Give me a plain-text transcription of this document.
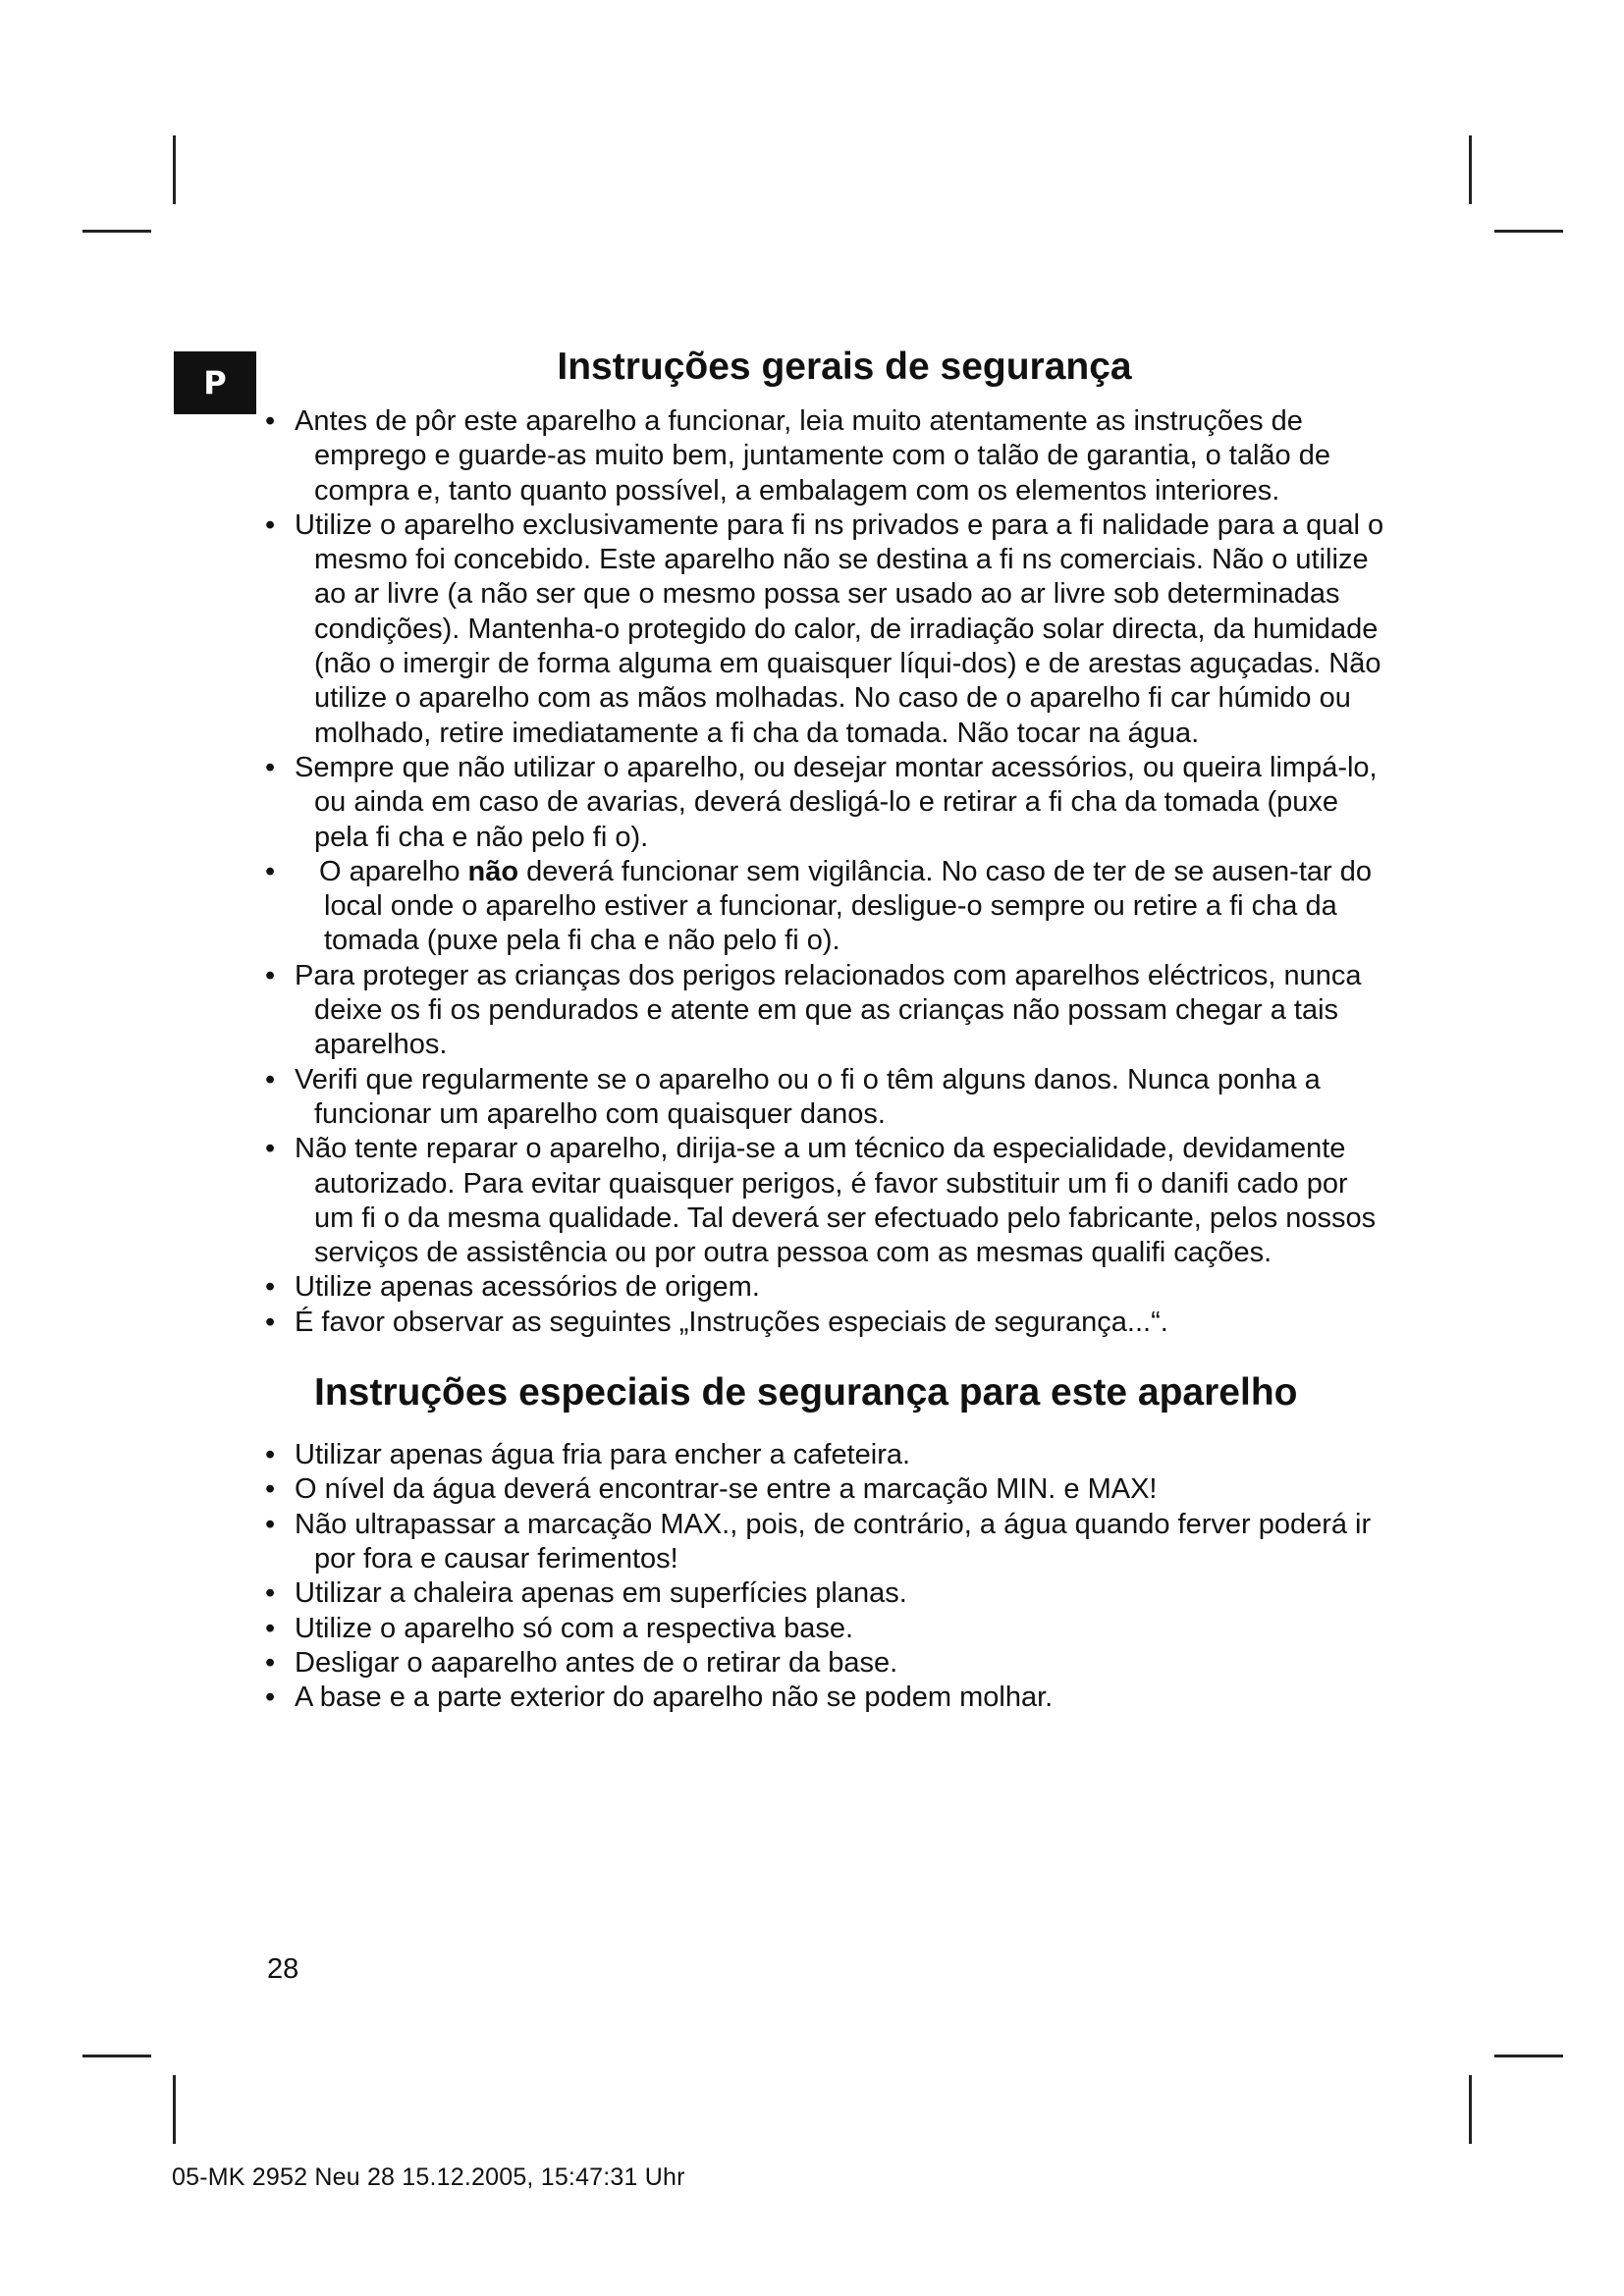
P	Instruções gerais de segurança
• Antes de pôr este aparelho a funcionar, leia muito atentamente as instruções de emprego e guarde-as muito bem, juntamente com o talão de garantia, o talão de compra e, tanto quanto possível, a embalagem com os elementos interiores.
• Utilize o aparelho exclusivamente para fi ns privados e para a fi nalidade para a qual o mesmo foi concebido. Este aparelho não se destina a fi ns comerciais. Não o utilize ao ar livre (a não ser que o mesmo possa ser usado ao ar livre sob determinadas condições). Mantenha-o protegido do calor, de irradiação solar directa, da humidade (não o imergir de forma alguma em quaisquer líqui-dos) e de arestas aguçadas. Não utilize o aparelho com as mãos molhadas. No caso de o aparelho fi car húmido ou molhado, retire imediatamente a fi cha da tomada. Não tocar na água.
• Sempre que não utilizar o aparelho, ou desejar montar acessórios, ou queira limpá-lo, ou ainda em caso de avarias, deverá desligá-lo e retirar a fi cha da tomada (puxe pela fi cha e não pelo fi o).
•	O aparelho não deverá funcionar sem vigilância. No caso de ter de se ausen-tar do local onde o aparelho estiver a funcionar, desligue-o sempre ou retire a fi cha da tomada (puxe pela fi cha e não pelo fi o).
• Para proteger as crianças dos perigos relacionados com aparelhos eléctricos, nunca deixe os fi os pendurados e atente em que as crianças não possam chegar a tais aparelhos.
• Verifi que regularmente se o aparelho ou o fi o têm alguns danos. Nunca ponha a funcionar um aparelho com quaisquer danos.
• Não tente reparar o aparelho, dirija-se a um técnico da especialidade, devidamente autorizado. Para evitar quaisquer perigos, é favor substituir um fi o danifi cado por um fi o da mesma qualidade. Tal deverá ser efectuado pelo fabricante, pelos nossos serviços de assistência ou por outra pessoa com as mesmas qualifi cações.
• Utilize apenas acessórios de origem.
• É favor observar as seguintes „Instruções especiais de segurança...“.
Instruções especiais de segurança para este aparelho
• Utilizar apenas água fria para encher a cafeteira.
• O nível da água deverá encontrar-se entre a marcação MIN. e MAX!
• Não ultrapassar a marcação MAX., pois, de contrário, a água quando ferver poderá ir por fora e causar ferimentos!
• Utilizar a chaleira apenas em superfícies planas.
• Utilize o aparelho só com a respectiva base.
• Desligar o aaparelho antes de o retirar da base.
• A base e a parte exterior do aparelho não se podem molhar.
28
05-MK 2952 Neu 28 15.12.2005, 15:47:31 Uhr
